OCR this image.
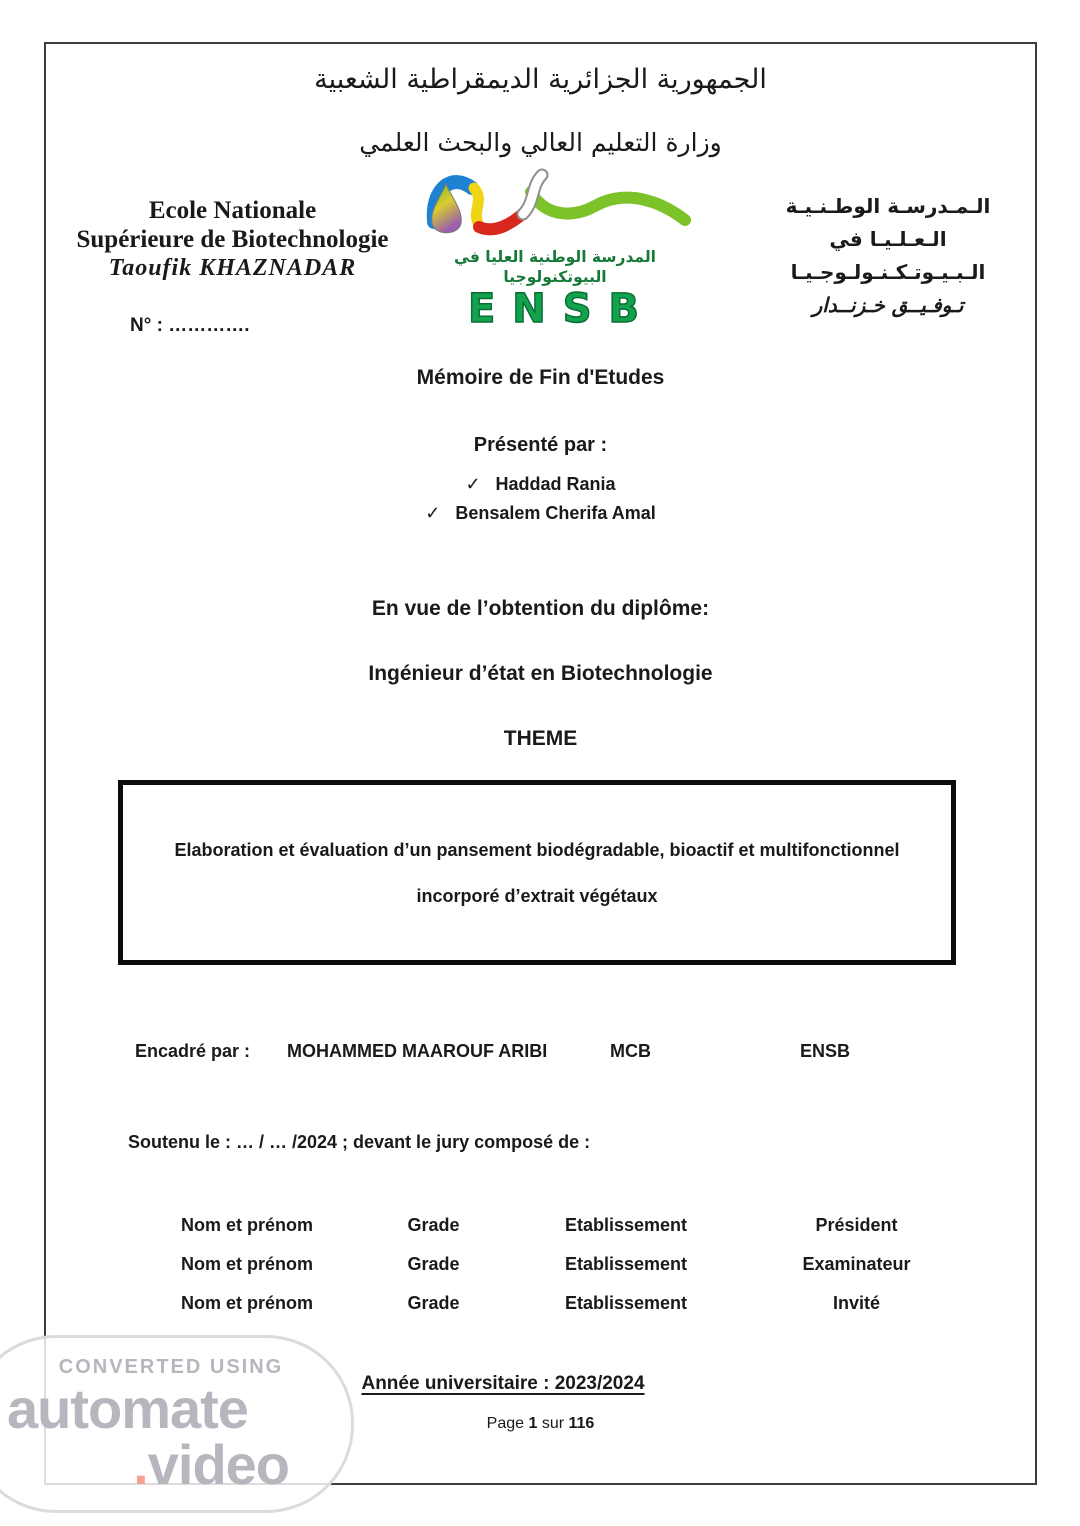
الجمهورية الجزائرية الديمقراطية الشعبية
وزارة التعليم العالي والبحث العلمي
Ecole Nationale
Supérieure de Biotechnologie
Taoufik KHAZNADAR	المدرسة الوطنية العليا في البيوتكنولوجيا
ENSB
الـمـدرسـة الوطـنـيـة
الـعـلـيـا في الـبـيـوتـكـنـولـوجـيـا
تـوفـيــق خـزنــدار
N° : ………….
Mémoire de Fin d'Etudes
Présenté par :
✓ Haddad Rania
✓ Bensalem Cherifa Amal
En vue de l’obtention du diplôme:
Ingénieur d’état en Biotechnologie
THEME
Elaboration et évaluation d’un pansement biodégradable, bioactif et multifonctionnel
incorporé d’extrait végétaux
Encadré par : MOHAMMED MAAROUF ARIBI	MCB	ENSB
Soutenu le : … / … /2024 ; devant le jury composé de :
Nom et prénom	Grade	Etablissement	Président
Nom et prénom	Grade	Etablissement	Examinateur
Nom et prénom	Grade	Etablissement	Invité
Année universitaire : 2023/2024
Page 1 sur 116
CONVERTED USING
automate
.video
